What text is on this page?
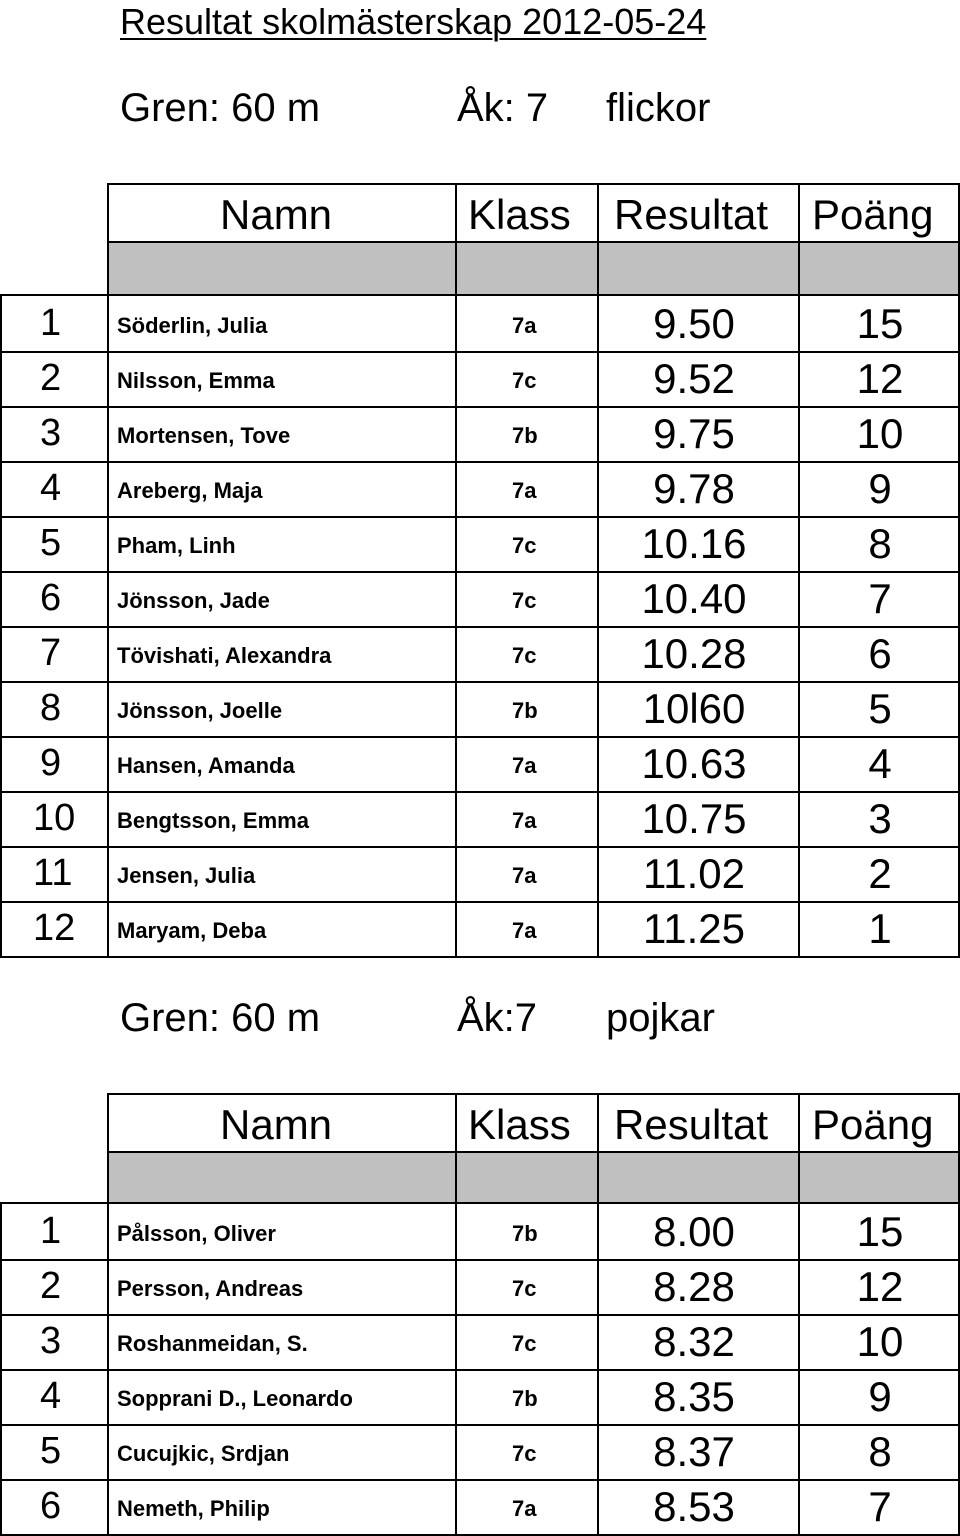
Resultat skolmästerskap 2012-05-24
Gren: 60 m	Åk: 7 flickor
Namn	Klass Resultat Poäng
1	Söderlin, Julia	7a	9.50	15
2	Nilsson, Emma	7c	9.52	12
3	Mortensen, Tove	7b	9.75	10
4	Areberg, Maja	7a	9.78	9
5	Pham, Linh	7c	10.16	8
6	Jönsson, Jade	7c	10.40	7
7	Tövishati, Alexandra	7c	10.28	6
8	Jönsson, Joelle	7b	10l60	5
9	Hansen, Amanda	7a	10.63	4
10	Bengtsson, Emma	7a	10.75	3
11	Jensen, Julia	7a	11.02	2
12	Maryam, Deba	7a	11.25	1
Gren: 60 m	Åk:7 pojkar
Namn	Klass Resultat Poäng
1	Pålsson, Oliver	7b	8.00	15
2	Persson, Andreas	7c	8.28	12
3	Roshanmeidan, S.	7c	8.32	10
4	Sopprani D., Leonardo	7b	8.35	9
5	Cucujkic, Srdjan	7c	8.37	8
6	Nemeth, Philip	7a	8.53	7
